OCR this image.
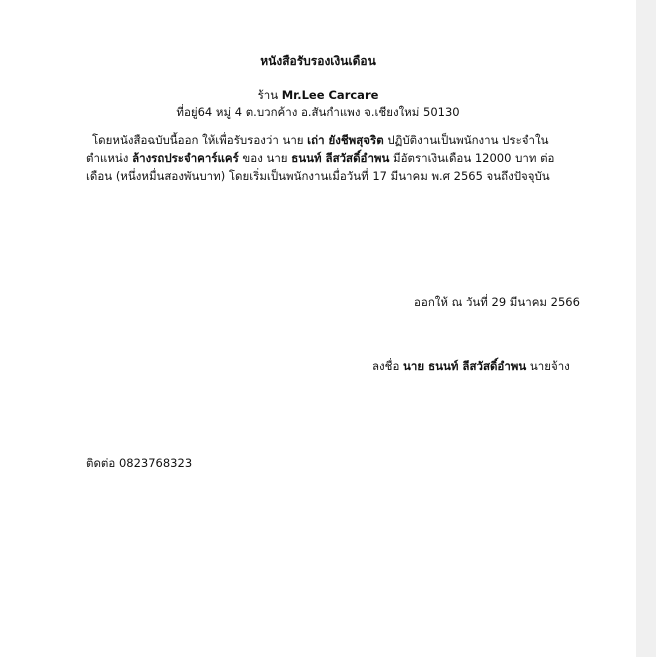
หนังสือรับรองเงินเดือน
ร้าน Mr.Lee Carcare
ที่อยู่64 หมู่ 4 ต.บวกค้าง อ.สันกำแพง จ.เชียงใหม่ 50130
โดยหนังสือฉบับนี้ออก ให้เพื่อรับรองว่า นาย เถ่า ยังชีพสุจริต ปฏิบัติงานเป็นพนักงาน ประจำใน ตำแหน่ง ล้างรถประจำคาร์แคร์ ของ นาย ธนนท์ ลีสวัสดิ์อำพน มีอัตราเงินเดือน 12000 บาท ต่อ เดือน (หนึ่งหมื่นสองพันบาท) โดยเริ่มเป็นพนักงานเมื่อวันที่ 17 มีนาคม พ.ศ 2565 จนถึงปัจจุบัน
ออกให้ ณ วันที่ 29 มีนาคม 2566
ลงชื่อ นาย ธนนท์ ลีสวัสดิ์อำพน นายจ้าง
ติดต่อ 0823768323
